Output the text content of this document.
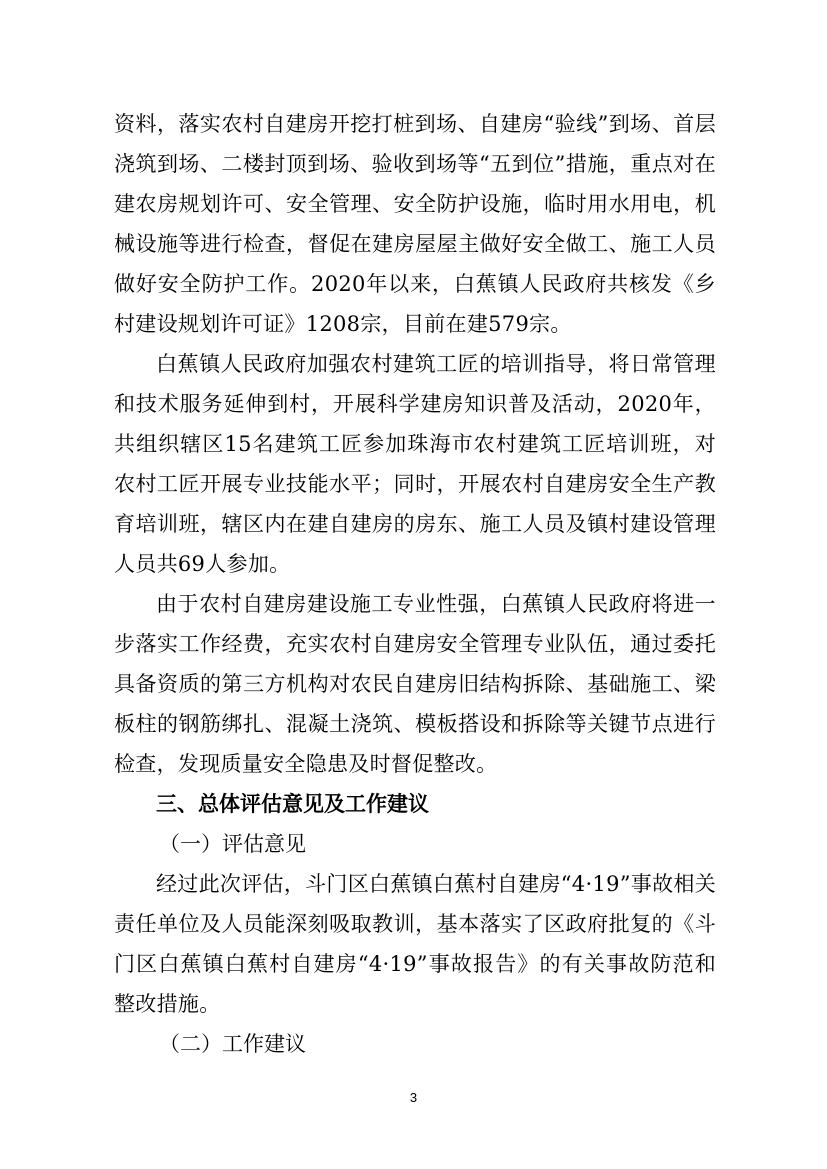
资料，落实农村自建房开挖打桩到场、自建房“验线”到场、首层浇筑到场、二楼封顶到场、验收到场等“五到位”措施，重点对在建农房规划许可、安全管理、安全防护设施，临时用水用电，机械设施等进行检查，督促在建房屋屋主做好安全做工、施工人员做好安全防护工作。2020年以来，白蕉镇人民政府共核发《乡村建设规划许可证》1208宗，目前在建579宗。

白蕉镇人民政府加强农村建筑工匠的培训指导，将日常管理和技术服务延伸到村，开展科学建房知识普及活动，2020年，共组织辖区15名建筑工匠参加珠海市农村建筑工匠培训班，对农村工匠开展专业技能水平；同时，开展农村自建房安全生产教育培训班，辖区内在建自建房的房东、施工人员及镇村建设管理人员共69人参加。

由于农村自建房建设施工专业性强，白蕉镇人民政府将进一步落实工作经费，充实农村自建房安全管理专业队伍，通过委托具备资质的第三方机构对农民自建房旧结构拆除、基础施工、梁板柱的钢筋绑扎、混凝土浇筑、模板搭设和拆除等关键节点进行检查，发现质量安全隐患及时督促整改。

三、总体评估意见及工作建议

（一）评估意见

经过此次评估，斗门区白蕉镇白蕉村自建房“4·19”事故相关责任单位及人员能深刻吸取教训，基本落实了区政府批复的《斗门区白蕉镇白蕉村自建房“4·19”事故报告》的有关事故防范和整改措施。

（二）工作建议

3
